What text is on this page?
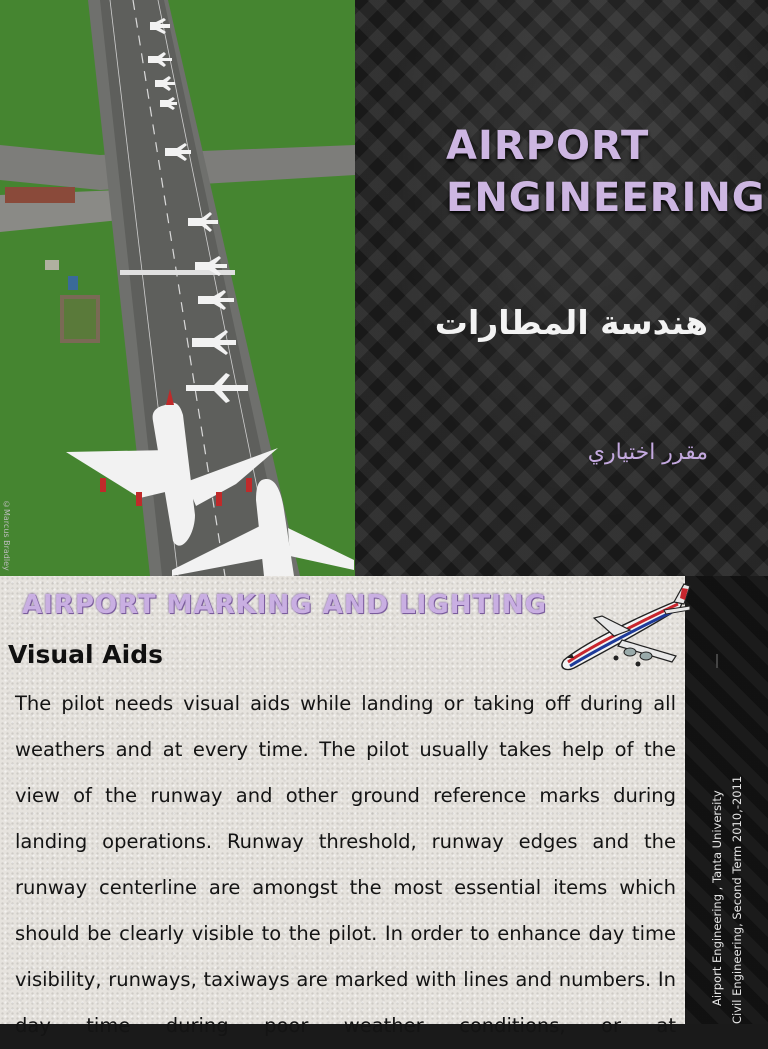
AIRPORT
ENGINEERING
هندسة المطارات
مقرر اختياري
©Marcus Bradley
AIRPORT MARKING AND LIGHTING
Visual Aids

The pilot needs visual aids while landing or taking off during all weathers and at every time. The pilot usually takes help of the view of the runway and other ground reference marks during landing operations. Runway threshold, runway edges and the runway centerline are amongst the most essential items which should be clearly visible to the pilot. In order to enhance day time visibility, runways, taxiways are marked with lines and numbers. In day time during poor weather conditions, or at

Airport Engineering , Tanta University Civil Engineering, Second Term 2010,-2011
